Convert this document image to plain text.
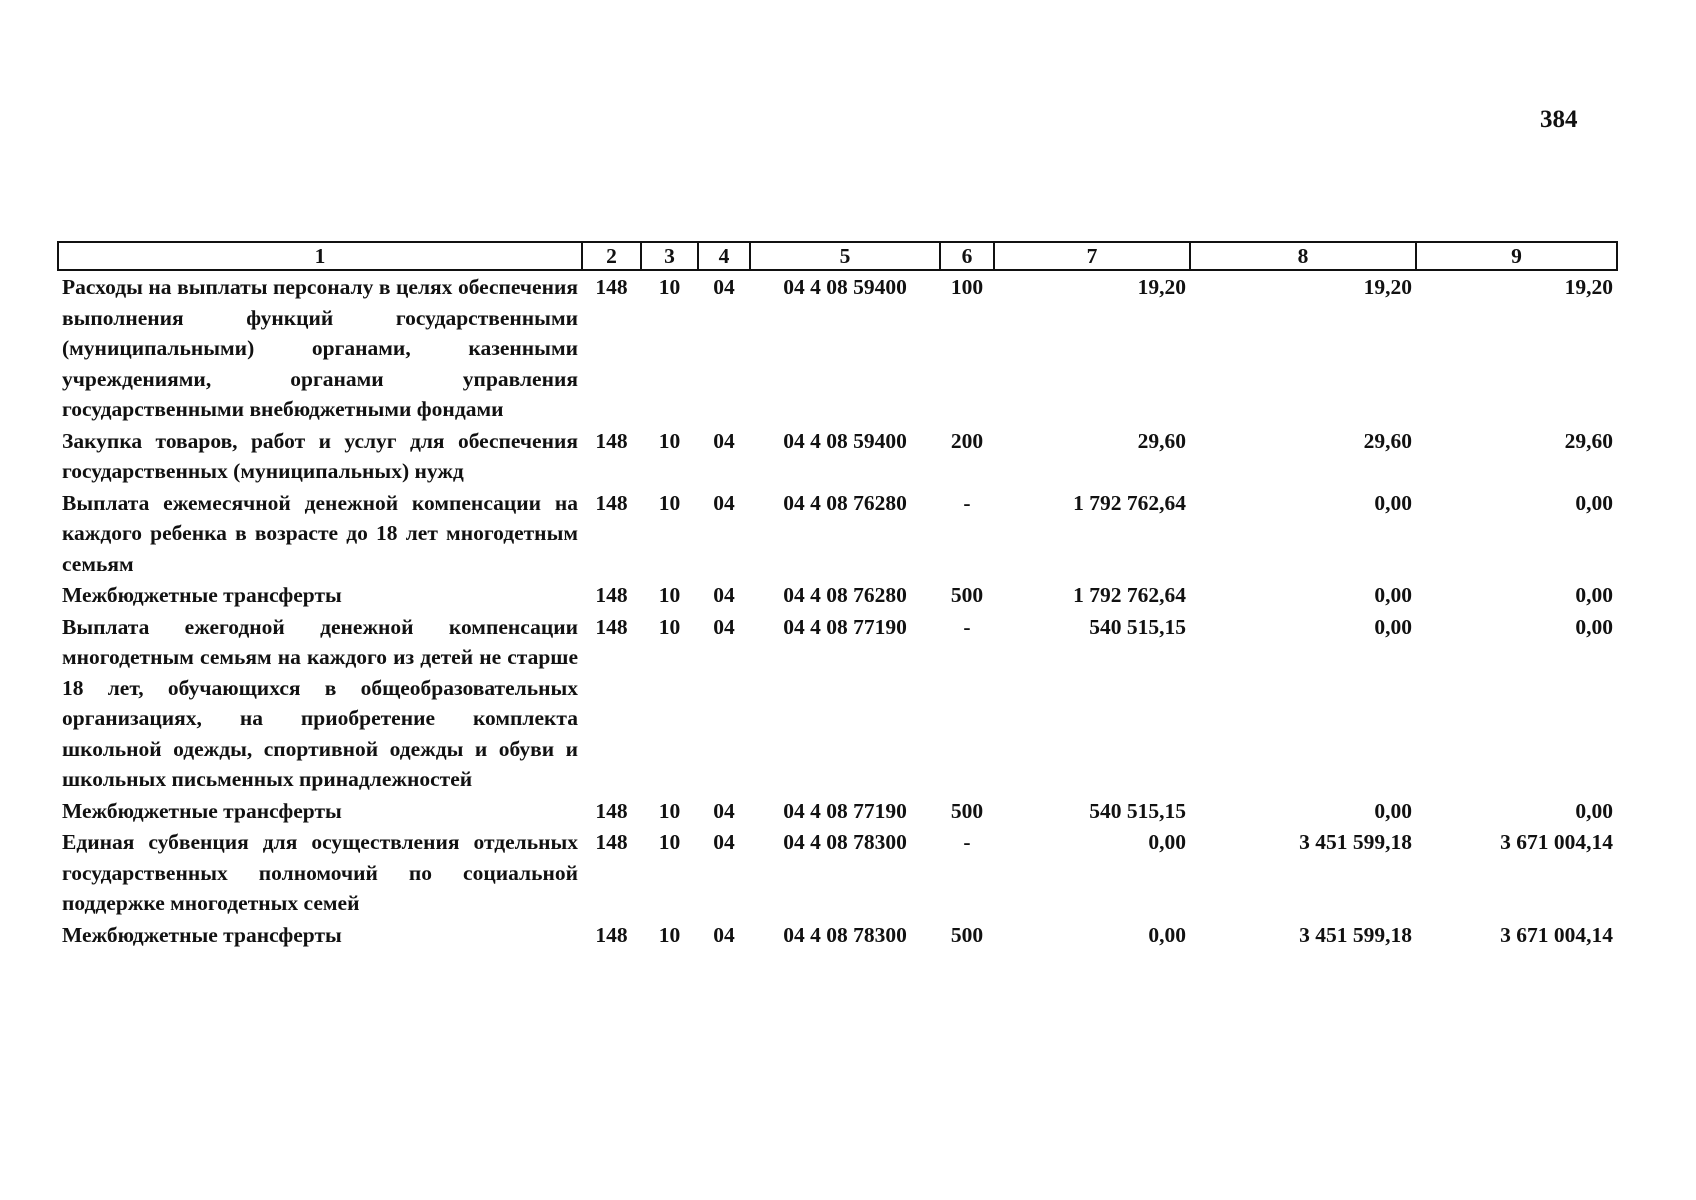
384
1	2	3	4	5	6	7	8	9
Расходы на выплаты персоналу в целях обеспечения выполнения функций государственными (муниципальными) органами, казенными учреждениями, органами управления государственными внебюджетными фондами	148	10	04	04 4 08 59400	100	19,20	19,20	19,20
Закупка товаров, работ и услуг для обеспечения государственных (муниципальных) нужд	148	10	04	04 4 08 59400	200	29,60	29,60	29,60
Выплата ежемесячной денежной компенсации на каждого ребенка в возрасте до 18 лет многодетным семьям	148	10	04	04 4 08 76280	-	1 792 762,64	0,00	0,00
Межбюджетные трансферты	148	10	04	04 4 08 76280	500	1 792 762,64	0,00	0,00
Выплата ежегодной денежной компенсации многодетным семьям на каждого из детей не старше 18 лет, обучающихся в общеобразовательных организациях, на приобретение комплекта школьной одежды, спортивной одежды и обуви и школьных письменных принадлежностей	148	10	04	04 4 08 77190	-	540 515,15	0,00	0,00
Межбюджетные трансферты	148	10	04	04 4 08 77190	500	540 515,15	0,00	0,00
Единая субвенция для осуществления отдельных государственных полномочий по социальной поддержке многодетных семей	148	10	04	04 4 08 78300	-	0,00	3 451 599,18	3 671 004,14
Межбюджетные трансферты	148	10	04	04 4 08 78300	500	0,00	3 451 599,18	3 671 004,14
